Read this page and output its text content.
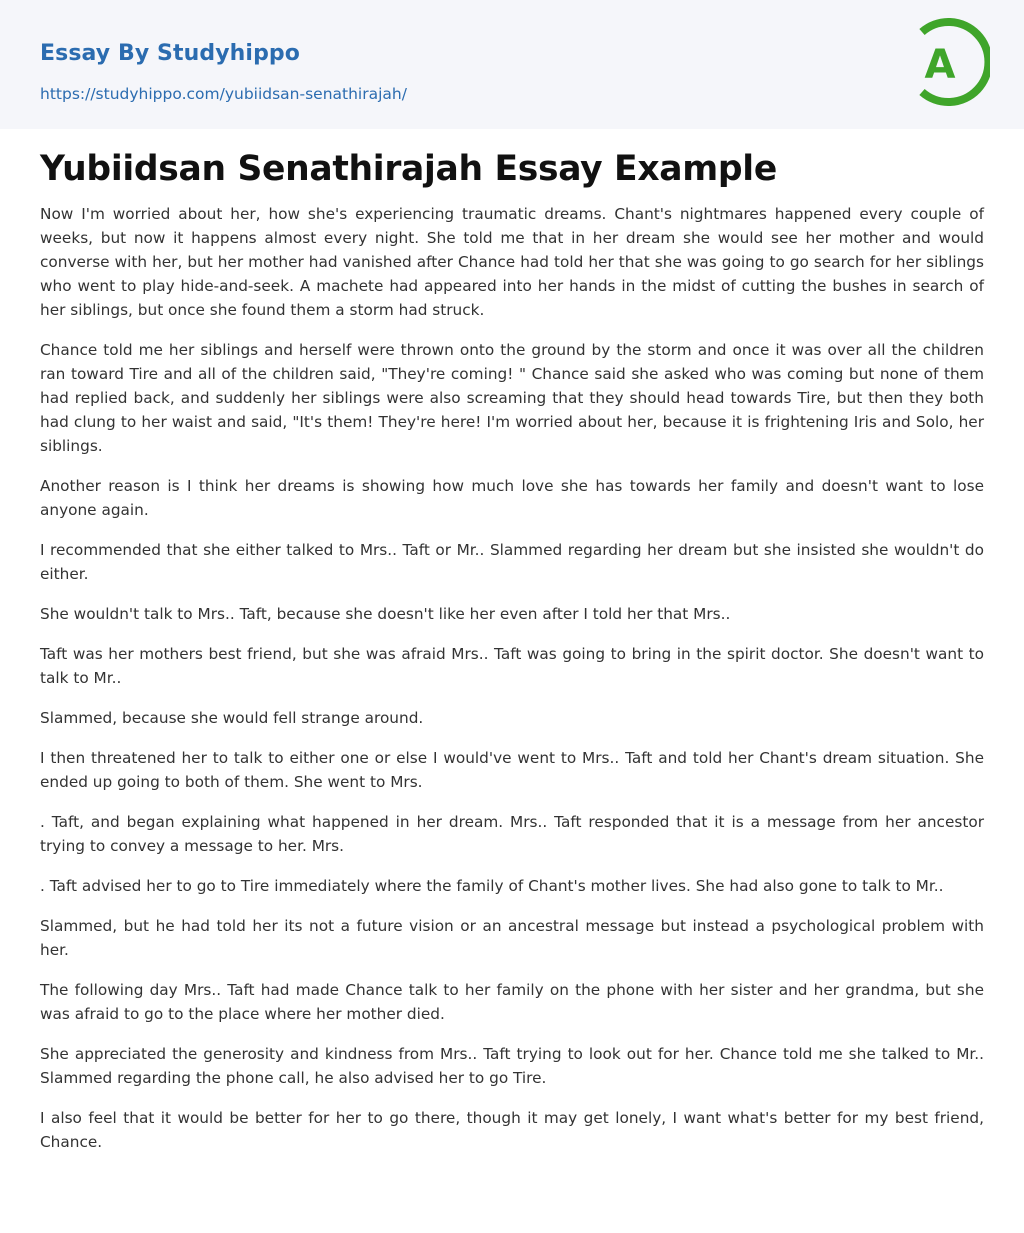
Essay By Studyhippo
https://studyhippo.com/yubiidsan-senathirajah/
A
Yubiidsan Senathirajah Essay Example

Now I'm worried about her, how she's experiencing traumatic dreams. Chant's nightmares happened every couple of weeks, but now it happens almost every night. She told me that in her dream she would see her mother and would converse with her, but her mother had vanished after Chance had told her that she was going to go search for her siblings who went to play hide-and-seek. A machete had appeared into her hands in the midst of cutting the bushes in search of her siblings, but once she found them a storm had struck.

Chance told me her siblings and herself were thrown onto the ground by the storm and once it was over all the children ran toward Tire and all of the children said, "They're coming! " Chance said she asked who was coming but none of them had replied back, and suddenly her siblings were also screaming that they should head towards Tire, but then they both had clung to her waist and said, "It's them! They're here! I'm worried about her, because it is frightening Iris and Solo, her siblings.

Another reason is I think her dreams is showing how much love she has towards her family and doesn't want to lose anyone again.

I recommended that she either talked to Mrs.. Taft or Mr.. Slammed regarding her dream but she insisted she wouldn't do either.

She wouldn't talk to Mrs.. Taft, because she doesn't like her even after I told her that Mrs..

Taft was her mothers best friend, but she was afraid Mrs.. Taft was going to bring in the spirit doctor. She doesn't want to talk to Mr..

Slammed, because she would fell strange around.

I then threatened her to talk to either one or else I would've went to Mrs.. Taft and told her Chant's dream situation. She ended up going to both of them. She went to Mrs.

. Taft, and began explaining what happened in her dream. Mrs.. Taft responded that it is a message from her ancestor trying to convey a message to her. Mrs.

. Taft advised her to go to Tire immediately where the family of Chant's mother lives. She had also gone to talk to Mr..

Slammed, but he had told her its not a future vision or an ancestral message but instead a psychological problem with her.

The following day Mrs.. Taft had made Chance talk to her family on the phone with her sister and her grandma, but she was afraid to go to the place where her mother died.

She appreciated the generosity and kindness from Mrs.. Taft trying to look out for her. Chance told me she talked to Mr.. Slammed regarding the phone call, he also advised her to go Tire.

I also feel that it would be better for her to go there, though it may get lonely, I want what's better for my best friend, Chance.
